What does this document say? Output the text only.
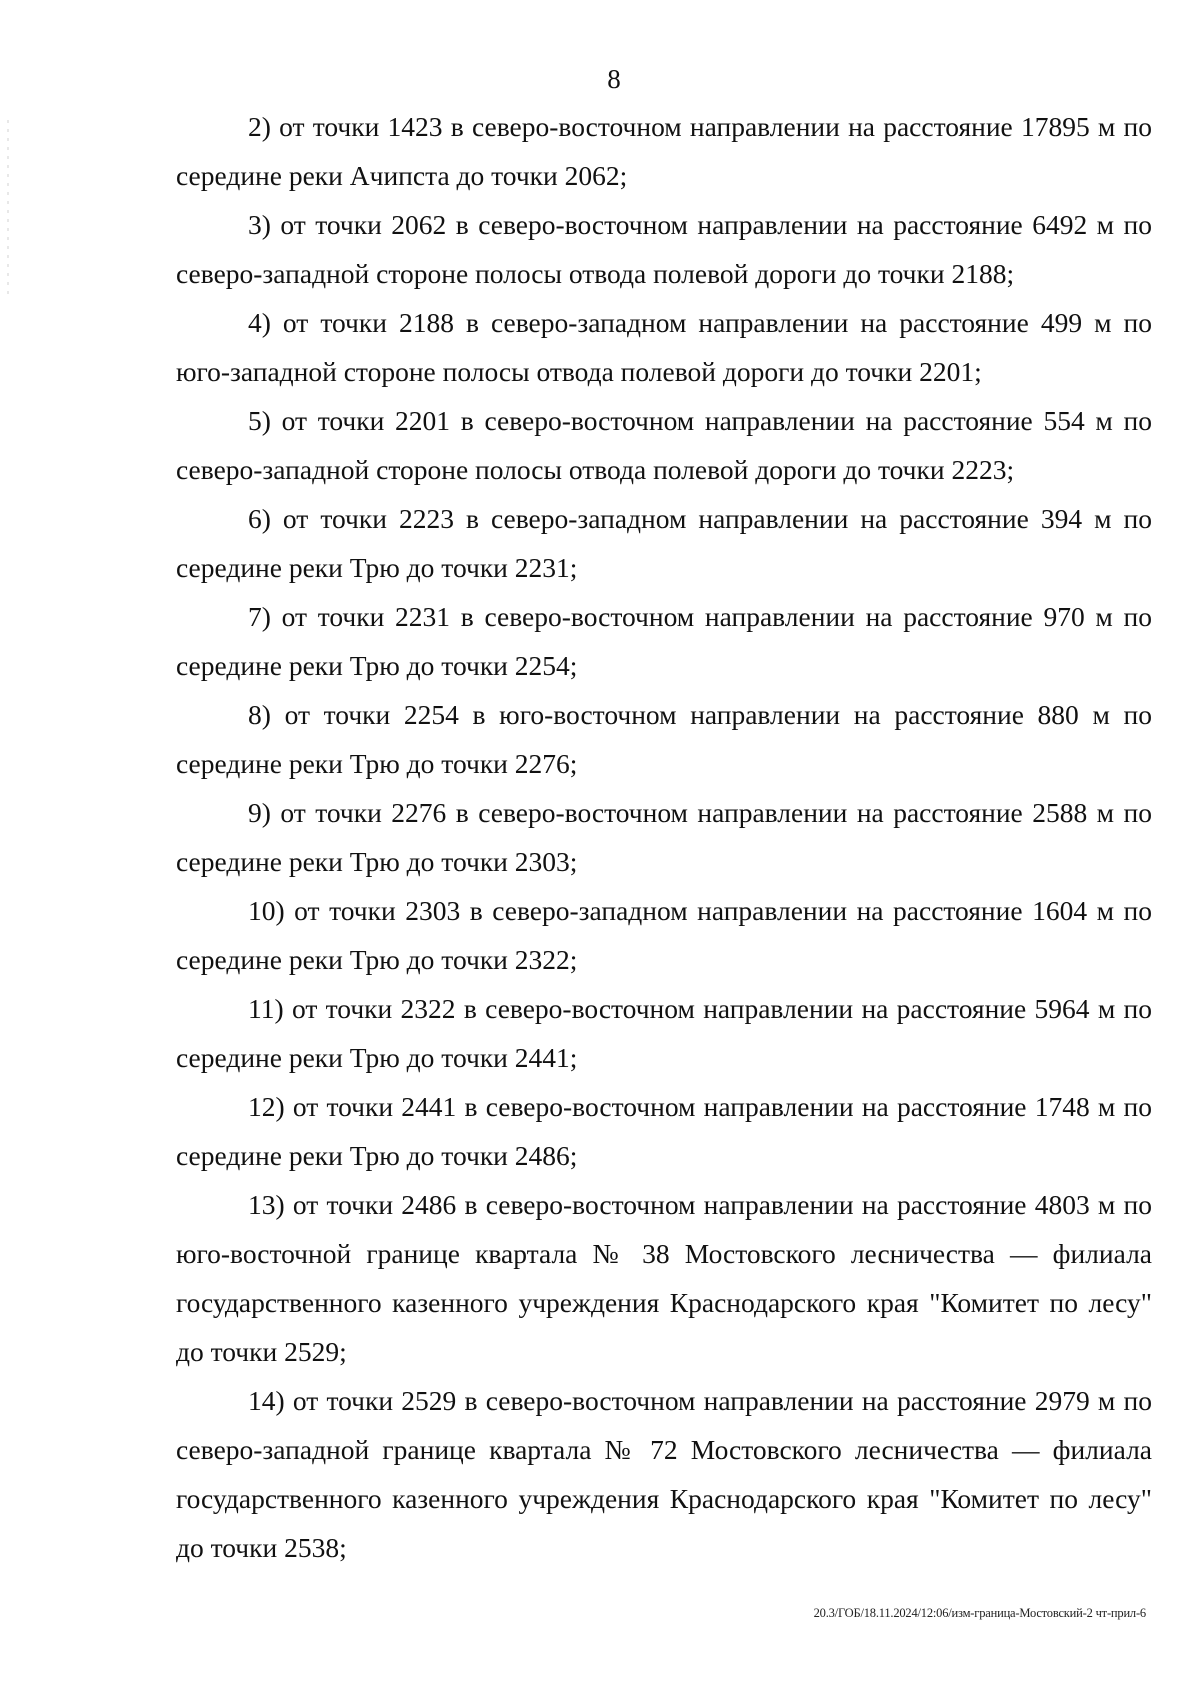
8

2) от точки 1423 в северо-восточном направлении на расстояние 17895 м по середине реки Ачипста до точки 2062;

3) от точки 2062 в северо-восточном направлении на расстояние 6492 м по северо-западной стороне полосы отвода полевой дороги до точки 2188;

4) от точки 2188 в северо-западном направлении на расстояние 499 м по юго-западной стороне полосы отвода полевой дороги до точки 2201;

5) от точки 2201 в северо-восточном направлении на расстояние 554 м по северо-западной стороне полосы отвода полевой дороги до точки 2223;

6) от точки 2223 в северо-западном направлении на расстояние 394 м по середине реки Трю до точки 2231;

7) от точки 2231 в северо-восточном направлении на расстояние 970 м по середине реки Трю до точки 2254;

8) от точки 2254 в юго-восточном направлении на расстояние 880 м по середине реки Трю до точки 2276;

9) от точки 2276 в северо-восточном направлении на расстояние 2588 м по середине реки Трю до точки 2303;

10) от точки 2303 в северо-западном направлении на расстояние 1604 м по середине реки Трю до точки 2322;

11) от точки 2322 в северо-восточном направлении на расстояние 5964 м по середине реки Трю до точки 2441;

12) от точки 2441 в северо-восточном направлении на расстояние 1748 м по середине реки Трю до точки 2486;

13) от точки 2486 в северо-восточном направлении на расстояние 4803 м по юго-восточной границе квартала № 38 Мостовского лесничества — филиала государственного казенного учреждения Краснодарского края "Комитет по лесу" до точки 2529;

14) от точки 2529 в северо-восточном направлении на расстояние 2979 м по северо-западной границе квартала № 72 Мостовского лесничества — филиала государственного казенного учреждения Краснодарского края "Комитет по лесу" до точки 2538;

20.3/ГОБ/18.11.2024/12:06/изм-граница-Мостовский-2 чт-прил-6
